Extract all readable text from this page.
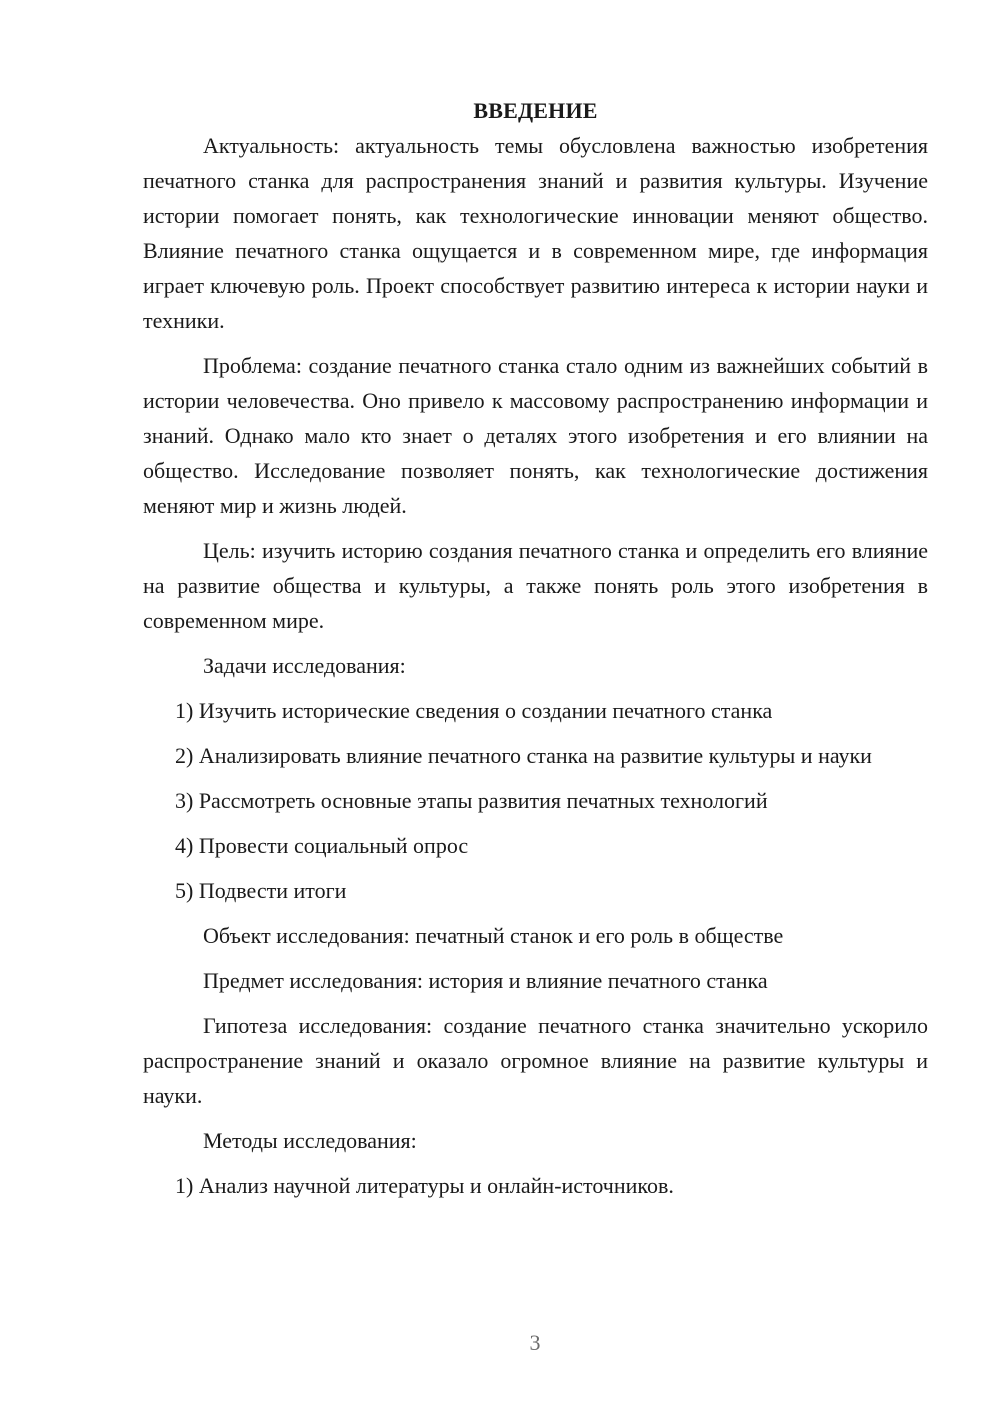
ВВЕДЕНИЕ

Актуальность: актуальность темы обусловлена важностью изобретения печатного станка для распространения знаний и развития культуры. Изучение истории помогает понять, как технологические инновации меняют общество. Влияние печатного станка ощущается и в современном мире, где информация играет ключевую роль. Проект способствует развитию интереса к истории науки и техники.

Проблема: создание печатного станка стало одним из важнейших событий в истории человечества. Оно привело к массовому распространению информации и знаний. Однако мало кто знает о деталях этого изобретения и его влиянии на общество. Исследование позволяет понять, как технологические достижения меняют мир и жизнь людей.

Цель: изучить историю создания печатного станка и определить его влияние на развитие общества и культуры, а также понять роль этого изобретения в современном мире.

Задачи исследования:

1) Изучить исторические сведения о создании печатного станка

2) Анализировать влияние печатного станка на развитие культуры и науки

3) Рассмотреть основные этапы развития печатных технологий

4) Провести социальный опрос

5) Подвести итоги

Объект исследования: печатный станок и его роль в обществе

Предмет исследования: история и влияние печатного станка

Гипотеза исследования: создание печатного станка значительно ускорило распространение знаний и оказало огромное влияние на развитие культуры и науки.

Методы исследования:

1) Анализ научной литературы и онлайн-источников.

3
